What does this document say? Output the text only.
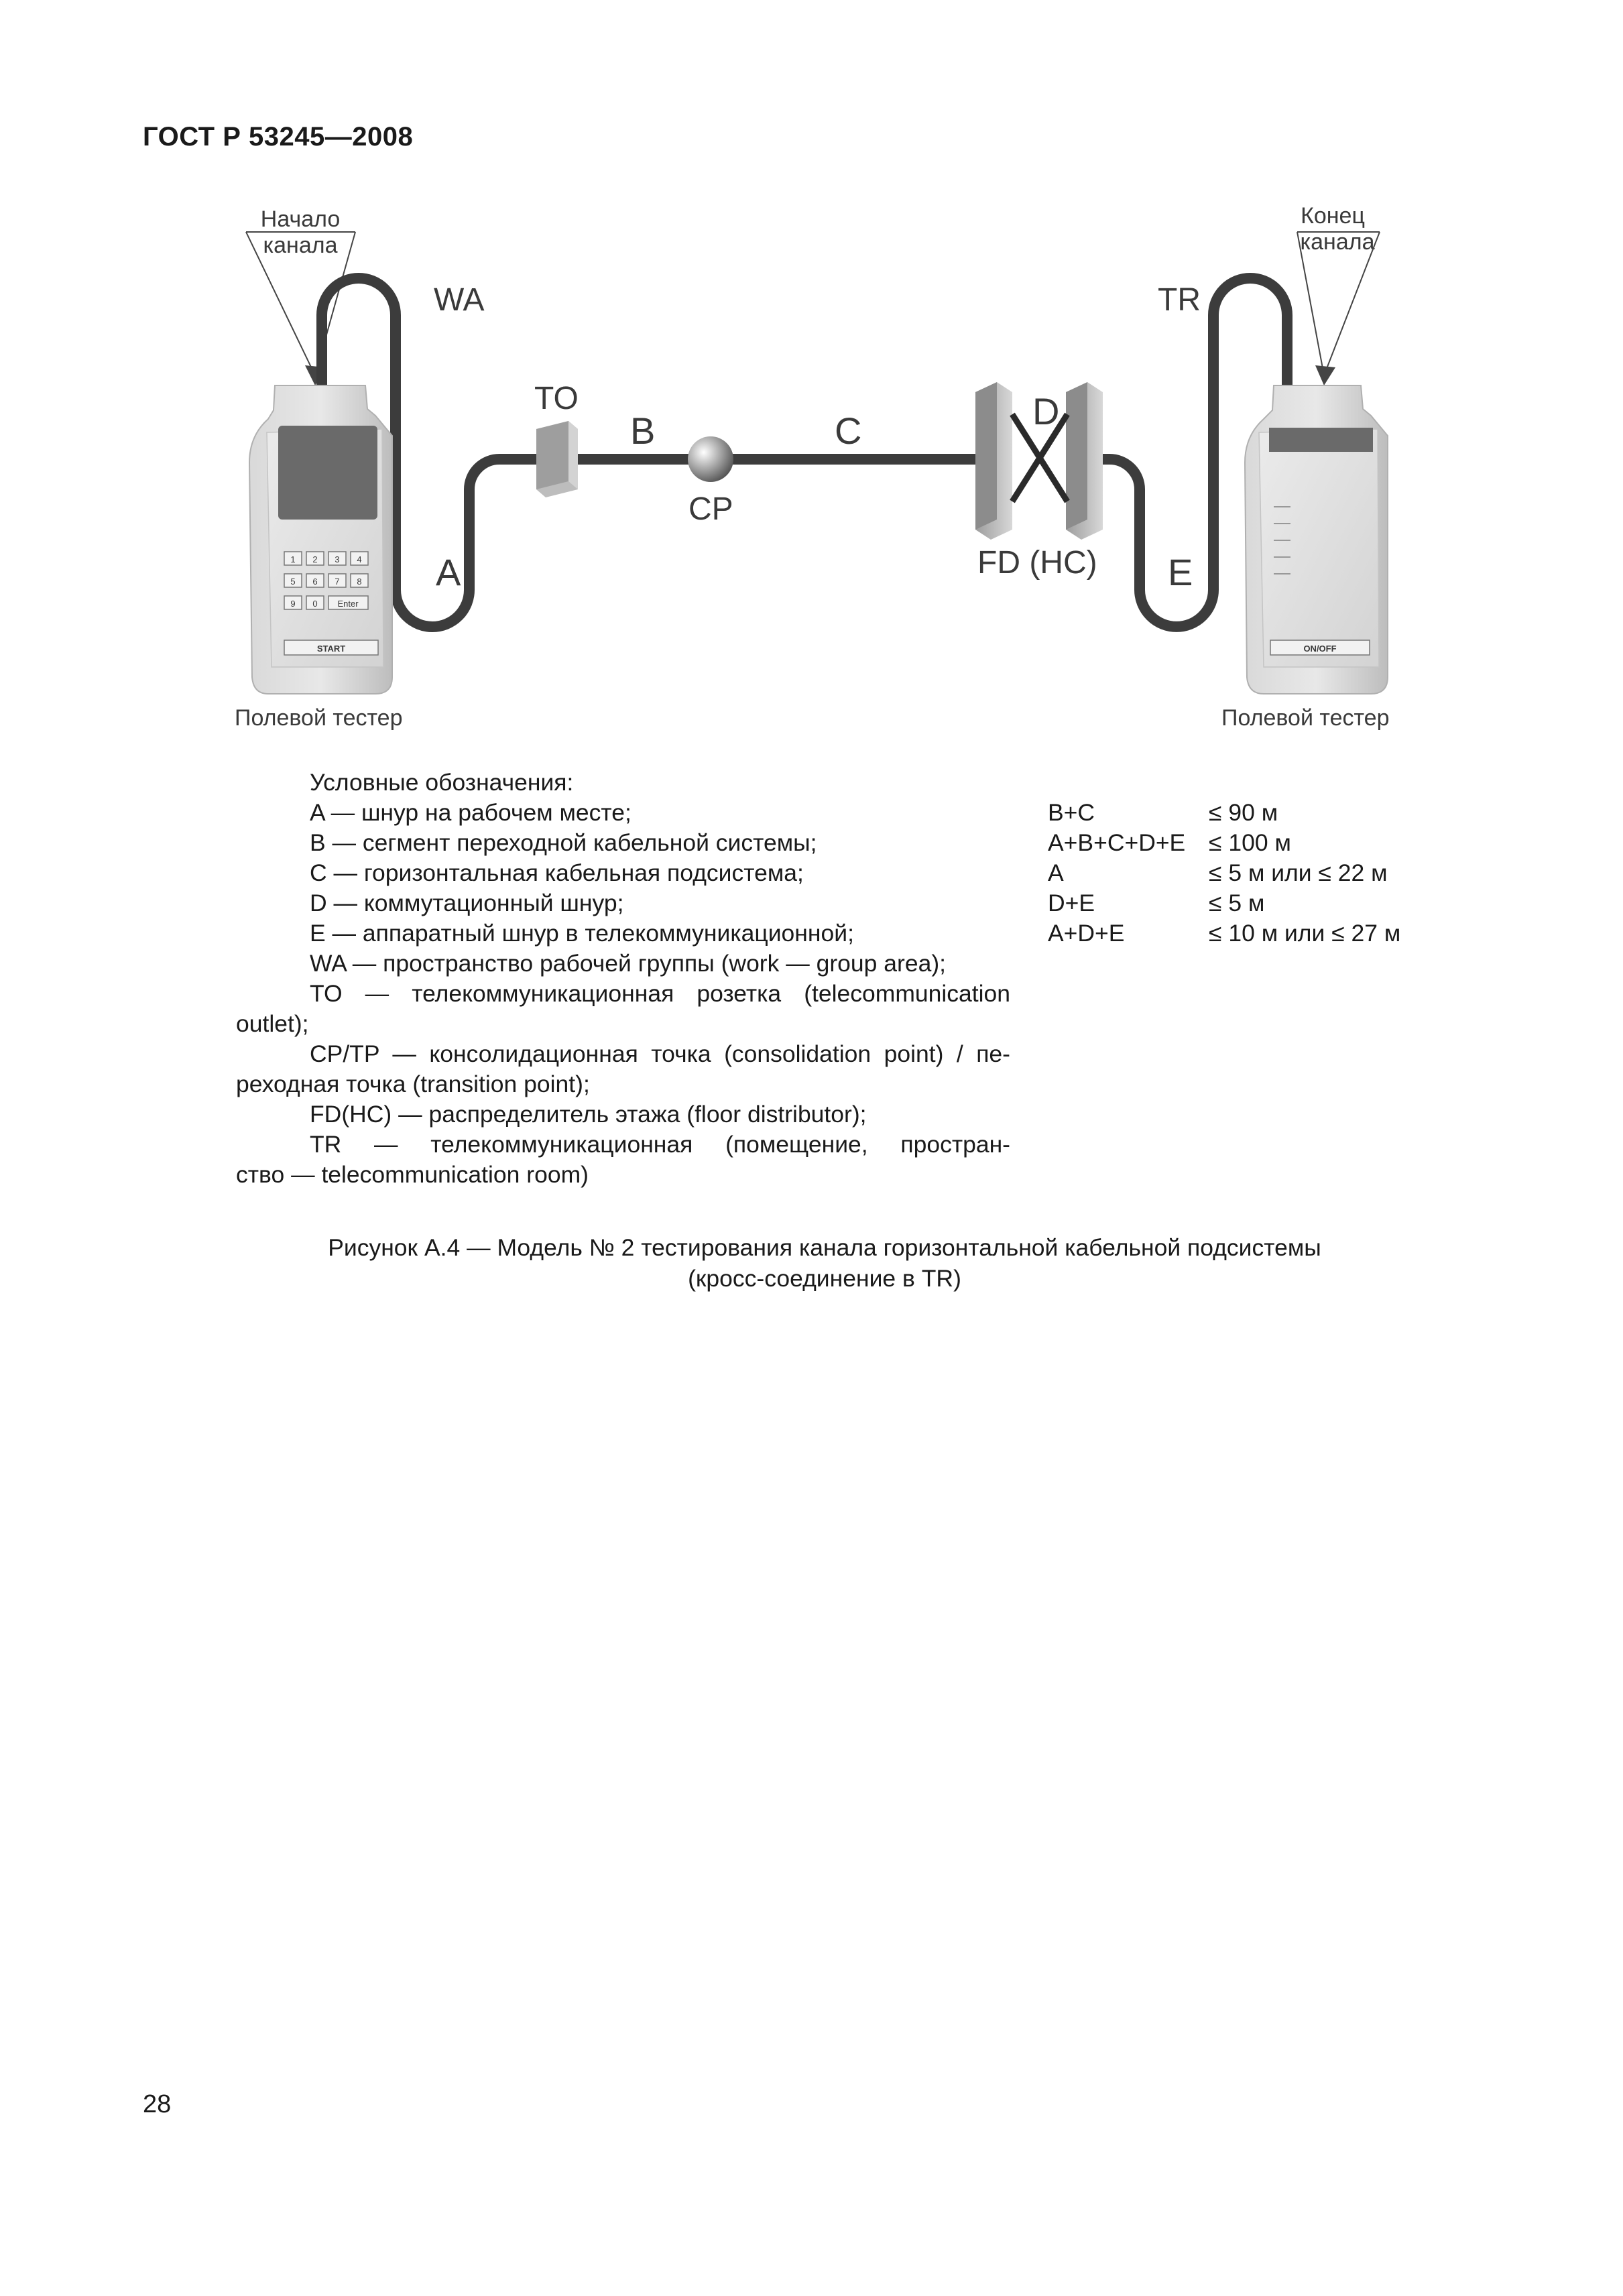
ГОСТ Р 53245—2008
Начало
канала
Конец
канала
1 2 3 4
5 6 7 8
9 0 Enter
START	ON/OFF
WA	TR
TO
B	C
CP
D
FD (HC)
A	E
Полевой тестер	Полевой тестер
Условные обозначения:
A — шнур на рабочем месте;
B — сегмент переходной кабельной системы;
C — горизонтальная кабельная подсистема;
D — коммутационный шнур;
E — аппаратный шнур в телекоммуникационной;
WA — пространство рабочей группы (work — group area);
TO — телекоммуникационная розетка (telecommunication
outlet);
CP/TP — консолидационная точка (consolidation point) / пе-
реходная точка (transition point);
FD(HC) — распределитель этажа (floor distributor);
TR — телекоммуникационная (помещение, простран-
ство — telecommunication room)
B+C	≤ 90 м
A+B+C+D+E ≤ 100 м
A	≤ 5 м или ≤ 22 м
D+E	≤ 5 м
A+D+E	≤ 10 м или ≤ 27 м
Рисунок А.4 — Модель № 2 тестирования канала горизонтальной кабельной подсистемы
(кросс-соединение в TR)
28
